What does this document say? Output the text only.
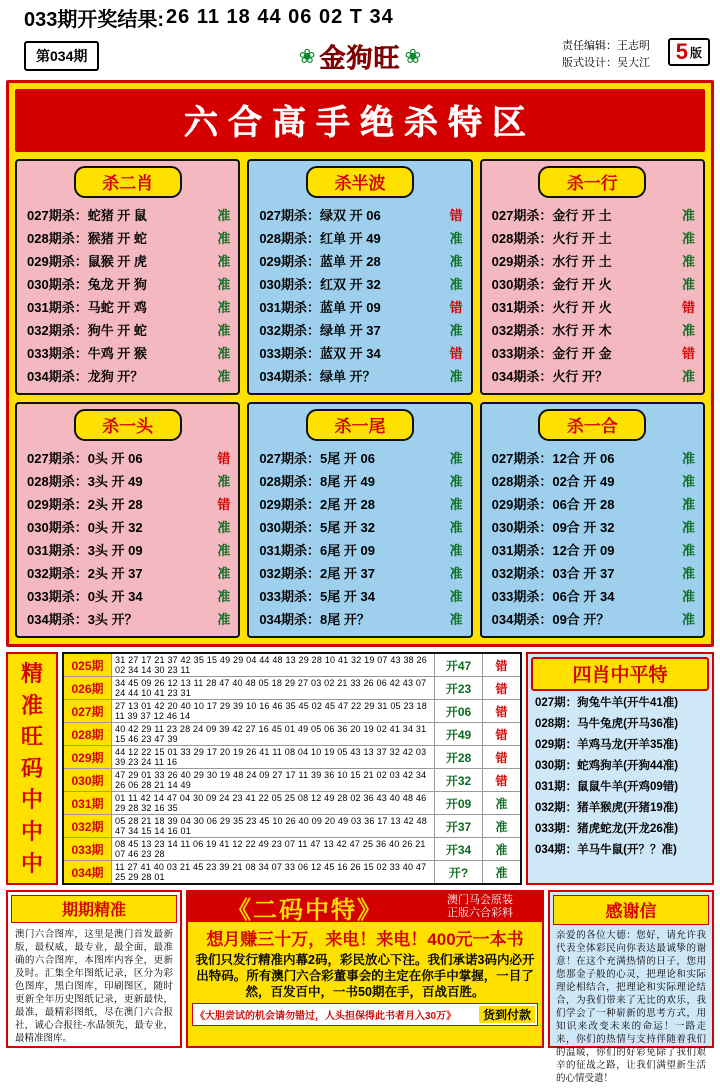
033期开奖结果: 26 11 18 44 06 02 T 34
第034期	❀ 金狗旺 ❀	责任编辑：王志明
版式设计：吴大江 5 版
六合高手绝杀特区
杀二肖
027期杀：蛇猪 开 鼠	准
028期杀：猴猪 开 蛇	准
029期杀：鼠猴 开 虎	准
030期杀：兔龙 开 狗	准
031期杀：马蛇 开 鸡	准
032期杀：狗牛 开 蛇	准
033期杀：牛鸡 开 猴	准
034期杀：龙狗 开？	准
杀半波
027期杀：绿双 开 06	错
028期杀：红单 开 49	准
029期杀：蓝单 开 28	准
030期杀：红双 开 32	准
031期杀：蓝单 开 09	错
032期杀：绿单 开 37	准
033期杀：蓝双 开 34	错
034期杀：绿单 开？	准
杀一行
027期杀：金行 开 土	准
028期杀：火行 开 土	准
029期杀：水行 开 土	准
030期杀：金行 开 火	准
031期杀：火行 开 火	错
032期杀：水行 开 木	准
033期杀：金行 开 金	错
034期杀：火行 开？	准
杀一头
027期杀：0头 开 06	错
028期杀：3头 开 49	准
029期杀：2头 开 28	错
030期杀：0头 开 32	准
031期杀：3头 开 09	准
032期杀：2头 开 37	准
033期杀：0头 开 34	准
034期杀：3头 开？	准
杀一尾
027期杀：5尾 开 06	准
028期杀：8尾 开 49	准
029期杀：2尾 开 28	准
030期杀：5尾 开 32	准
031期杀：6尾 开 09	准
032期杀：2尾 开 37	准
033期杀：5尾 开 34	准
034期杀：8尾 开？	准
杀一合
027期杀：12合 开 06	准
028期杀：02合 开 49	准
029期杀：06合 开 28	准
030期杀：09合 开 32	准
031期杀：12合 开 09	准
032期杀：03合 开 37	准
033期杀：06合 开 34	准
034期杀：09合 开？	准
精
准
旺
码
中
中
中
025期	31 27 17 21 37 42 35 15 49 29 04 44 48 13 29 28 10 41 32 19 07 43 38 26 02 34 14 30 23 11	开47	错
026期	34 45 09 26 12 13 11 28 47 40 48 05 18 29 27 03 02 21 33 26 06 42 43 07 24 44 10 41 23 31	开23	错
027期	27 13 01 42 20 40 10 17 29 39 10 16 46 35 45 02 45 47 22 29 31 05 23 18 11 39 37 12 46 14	开06	错
028期	40 42 29 11 23 28 24 09 39 42 27 16 45 01 49 05 06 36 20 19 02 41 34 31 15 46 23 47 39	开49	错
029期	44 12 22 15 01 33 29 17 20 19 26 41 11 08 04 10 19 05 43 13 37 32 42 03 39 23 24 11 16	开28	错
030期	47 29 01 33 26 40 29 30 19 48 24 09 27 17 11 39 36 10 15 21 02 03 42 34 26 06 28 21 14 49	开32	错
031期	01 11 42 14 47 04 30 09 24 23 41 22 05 25 08 12 49 28 02 36 43 40 48 46 29 28 32 16 35	开09	准
032期	05 28 21 18 39 04 30 06 29 35 23 45 10 26 40 09 20 49 03 36 17 13 42 48 47 34 15 14 16 01	开37	准
033期	08 45 13 23 14 11 06 19 41 12 22 49 23 07 11 47 13 42 47 25 36 40 26 21 07 46 23 28	开34	准
034期	11 27 41 40 03 21 45 23 39 21 08 34 07 33 06 12 45 16 26 15 02 33 40 47 25 29 28 01	开?	准
四肖中平特
027期：狗兔牛羊(开牛41准)
028期：马牛兔虎(开马36准)
029期：羊鸡马龙(开羊35准)
030期：蛇鸡狗羊(开狗44准)
031期：鼠鼠牛羊(开鸡09错)
032期：猪羊猴虎(开猪19准)
033期：猪虎蛇龙(开龙26准)
034期：羊马牛鼠(开？？准)
期期精准
澳门六合图库，这里是澳门首发最新版，最权威，最专业，最全面，最准确的六合图库，本图库内容全，更新及时。汇集全年图纸记录，区分为彩色图库，黑白图库，印刷图区，随时更新全年历史图纸记录，更新最快，最准，最精彩图纸，尽在澳门六合报社，诚心合报往-水晶领先，最专业，最精准图库。
《二码中特》	澳门马会原装
正版六合彩料
想月赚三十万，来电！来电！400元一本书
我们只发行精准内幕2码，彩民放心下注。我们承诺3码内必开出特码。所有澳门六合彩董事会的主定在你手中掌握，一目了然，百发百中，一书50期在手，百战百胜。
《大胆尝试的机会请勿错过，人头担保得此书者月入30万》	货到付款
感谢信
亲爱的各位大德：您好，请允许我代表全体彩民向你表达最诚挚的谢意！在这个充满热情的日子，您用您那金子般的心灵，把理论和实际理论相结合，把理论和实际理论结合，为我们带来了无比的欢乐，我们学会了一种崭新的思考方式，用知识来改变未来的命运！一路走来，你们的热情与支持伴随着我们的温暖，你们的好彩免除了我们艰辛的征战之路，让我们满望新生活的心情受遣！
